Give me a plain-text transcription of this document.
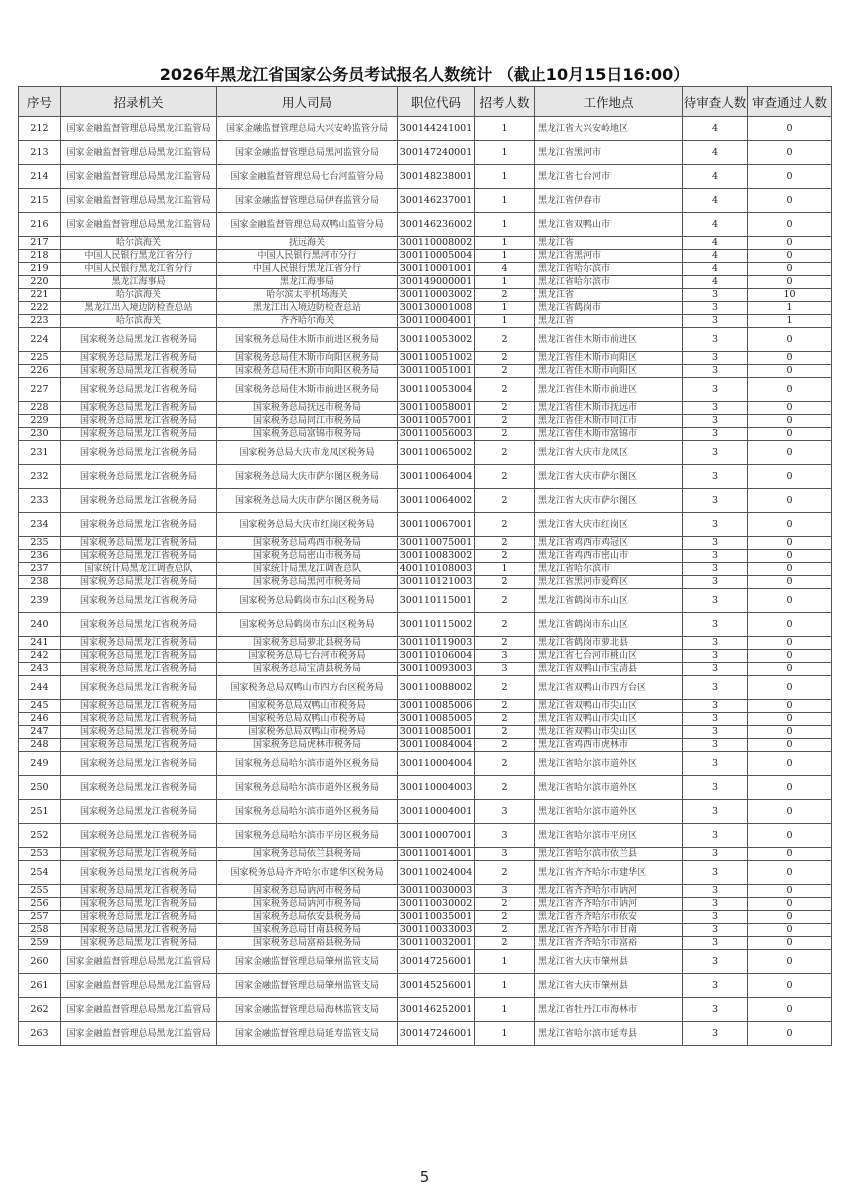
2026年黑龙江省国家公务员考试报名人数统计 （截止10月15日16:00）
序号	招录机关	用人司局	职位代码	招考人数	工作地点	待审查人数	审查通过人数
212	国家金融监督管理总局黑龙江监管局	国家金融监督管理总局大兴安岭监管分局	300144241001	1	黑龙江省大兴安岭地区	4	0
213	国家金融监督管理总局黑龙江监管局	国家金融监督管理总局黑河监管分局	300147240001	1	黑龙江省黑河市	4	0
214	国家金融监督管理总局黑龙江监管局	国家金融监督管理总局七台河监管分局	300148238001	1	黑龙江省七台河市	4	0
215	国家金融监督管理总局黑龙江监管局	国家金融监督管理总局伊春监管分局	300146237001	1	黑龙江省伊春市	4	0
216	国家金融监督管理总局黑龙江监管局	国家金融监督管理总局双鸭山监管分局	300146236002	1	黑龙江省双鸭山市	4	0
217	哈尔滨海关	抚远海关	300110008002	1	黑龙江省	4	0
218	中国人民银行黑龙江省分行	中国人民银行黑河市分行	300110005004	1	黑龙江省黑河市	4	0
219	中国人民银行黑龙江省分行	中国人民银行黑龙江省分行	300110001001	4	黑龙江省哈尔滨市	4	0
220	黑龙江海事局	黑龙江海事局	300149000001	1	黑龙江省哈尔滨市	4	0
221	哈尔滨海关	哈尔滨太平机场海关	300110003002	2	黑龙江省	3	10
222	黑龙江出入境边防检查总站	黑龙江出入境边防检查总站	300130001008	1	黑龙江省鹤岗市	3	1
223	哈尔滨海关	齐齐哈尔海关	300110004001	1	黑龙江省	3	1
224	国家税务总局黑龙江省税务局	国家税务总局佳木斯市前进区税务局	300110053002	2	黑龙江省佳木斯市前进区	3	0
225	国家税务总局黑龙江省税务局	国家税务总局佳木斯市向阳区税务局	300110051002	2	黑龙江省佳木斯市向阳区	3	0
226	国家税务总局黑龙江省税务局	国家税务总局佳木斯市向阳区税务局	300110051001	2	黑龙江省佳木斯市向阳区	3	0
227	国家税务总局黑龙江省税务局	国家税务总局佳木斯市前进区税务局	300110053004	2	黑龙江省佳木斯市前进区	3	0
228	国家税务总局黑龙江省税务局	国家税务总局抚远市税务局	300110058001	2	黑龙江省佳木斯市抚远市	3	0
229	国家税务总局黑龙江省税务局	国家税务总局同江市税务局	300110057001	2	黑龙江省佳木斯市同江市	3	0
230	国家税务总局黑龙江省税务局	国家税务总局富锦市税务局	300110056003	2	黑龙江省佳木斯市富锦市	3	0
231	国家税务总局黑龙江省税务局	国家税务总局大庆市龙凤区税务局	300110065002	2	黑龙江省大庆市龙凤区	3	0
232	国家税务总局黑龙江省税务局	国家税务总局大庆市萨尔图区税务局	300110064004	2	黑龙江省大庆市萨尔图区	3	0
233	国家税务总局黑龙江省税务局	国家税务总局大庆市萨尔图区税务局	300110064002	2	黑龙江省大庆市萨尔图区	3	0
234	国家税务总局黑龙江省税务局	国家税务总局大庆市红岗区税务局	300110067001	2	黑龙江省大庆市红岗区	3	0
235	国家税务总局黑龙江省税务局	国家税务总局鸡西市税务局	300110075001	2	黑龙江省鸡西市鸡冠区	3	0
236	国家税务总局黑龙江省税务局	国家税务总局密山市税务局	300110083002	2	黑龙江省鸡西市密山市	3	0
237	国家统计局黑龙江调查总队	国家统计局黑龙江调查总队	400110108003	1	黑龙江省哈尔滨市	3	0
238	国家税务总局黑龙江省税务局	国家税务总局黑河市税务局	300110121003	2	黑龙江省黑河市爱辉区	3	0
239	国家税务总局黑龙江省税务局	国家税务总局鹤岗市东山区税务局	300110115001	2	黑龙江省鹤岗市东山区	3	0
240	国家税务总局黑龙江省税务局	国家税务总局鹤岗市东山区税务局	300110115002	2	黑龙江省鹤岗市东山区	3	0
241	国家税务总局黑龙江省税务局	国家税务总局萝北县税务局	300110119003	2	黑龙江省鹤岗市萝北县	3	0
242	国家税务总局黑龙江省税务局	国家税务总局七台河市税务局	300110106004	3	黑龙江省七台河市桃山区	3	0
243	国家税务总局黑龙江省税务局	国家税务总局宝清县税务局	300110093003	3	黑龙江省双鸭山市宝清县	3	0
244	国家税务总局黑龙江省税务局	国家税务总局双鸭山市四方台区税务局	300110088002	2	黑龙江省双鸭山市四方台区	3	0
245	国家税务总局黑龙江省税务局	国家税务总局双鸭山市税务局	300110085006	2	黑龙江省双鸭山市尖山区	3	0
246	国家税务总局黑龙江省税务局	国家税务总局双鸭山市税务局	300110085005	2	黑龙江省双鸭山市尖山区	3	0
247	国家税务总局黑龙江省税务局	国家税务总局双鸭山市税务局	300110085001	2	黑龙江省双鸭山市尖山区	3	0
248	国家税务总局黑龙江省税务局	国家税务总局虎林市税务局	300110084004	2	黑龙江省鸡西市虎林市	3	0
249	国家税务总局黑龙江省税务局	国家税务总局哈尔滨市道外区税务局	300110004004	2	黑龙江省哈尔滨市道外区	3	0
250	国家税务总局黑龙江省税务局	国家税务总局哈尔滨市道外区税务局	300110004003	2	黑龙江省哈尔滨市道外区	3	0
251	国家税务总局黑龙江省税务局	国家税务总局哈尔滨市道外区税务局	300110004001	3	黑龙江省哈尔滨市道外区	3	0
252	国家税务总局黑龙江省税务局	国家税务总局哈尔滨市平房区税务局	300110007001	3	黑龙江省哈尔滨市平房区	3	0
253	国家税务总局黑龙江省税务局	国家税务总局依兰县税务局	300110014001	3	黑龙江省哈尔滨市依兰县	3	0
254	国家税务总局黑龙江省税务局	国家税务总局齐齐哈尔市建华区税务局	300110024004	2	黑龙江省齐齐哈尔市建华区	3	0
255	国家税务总局黑龙江省税务局	国家税务总局讷河市税务局	300110030003	3	黑龙江省齐齐哈尔市讷河	3	0
256	国家税务总局黑龙江省税务局	国家税务总局讷河市税务局	300110030002	2	黑龙江省齐齐哈尔市讷河	3	0
257	国家税务总局黑龙江省税务局	国家税务总局依安县税务局	300110035001	2	黑龙江省齐齐哈尔市依安	3	0
258	国家税务总局黑龙江省税务局	国家税务总局甘南县税务局	300110033003	2	黑龙江省齐齐哈尔市甘南	3	0
259	国家税务总局黑龙江省税务局	国家税务总局富裕县税务局	300110032001	2	黑龙江省齐齐哈尔市富裕	3	0
260	国家金融监督管理总局黑龙江监管局	国家金融监督管理总局肇州监管支局	300147256001	1	黑龙江省大庆市肇州县	3	0
261	国家金融监督管理总局黑龙江监管局	国家金融监督管理总局肇州监管支局	300145256001	1	黑龙江省大庆市肇州县	3	0
262	国家金融监督管理总局黑龙江监管局	国家金融监督管理总局海林监管支局	300146252001	1	黑龙江省牡丹江市海林市	3	0
263	国家金融监督管理总局黑龙江监管局	国家金融监督管理总局延寿监管支局	300147246001	1	黑龙江省哈尔滨市延寿县	3	0
5
